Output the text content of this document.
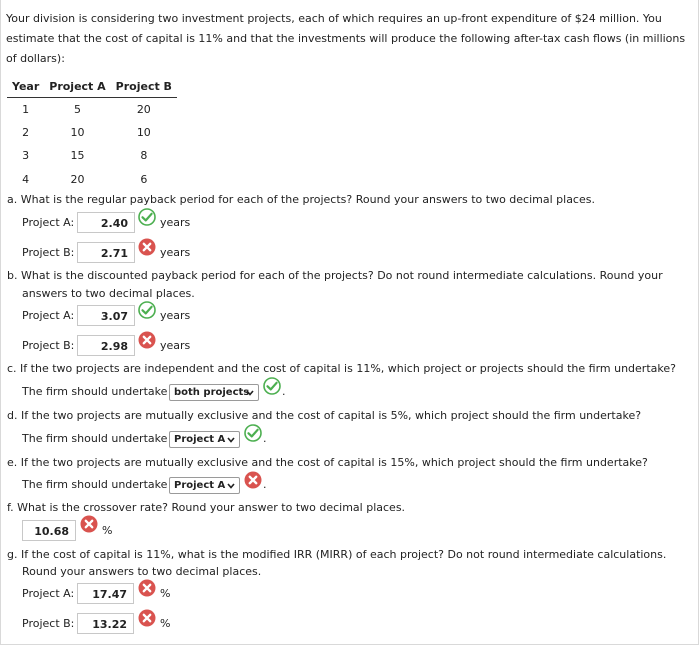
Your division is considering two investment projects, each of which requires an up-front expenditure of $24 million. You estimate that the cost of capital is 11% and that the investments will produce the following after-tax cash flows (in millions of dollars):
Year	Project A	Project B
1	5	20
2	10	10
3	15	8
4	20	6
a. What is the regular payback period for each of the projects? Round your answers to two decimal places.
Project A:	2.40	years
Project B:	2.71	years
b. What is the discounted payback period for each of the projects? Do not round intermediate calculations. Round your
answers to two decimal places.
Project A:	3.07	years
Project B:	2.98	years
c. If the two projects are independent and the cost of capital is 11%, which project or projects should the firm undertake?
The firm should undertake both projects	.
d. If the two projects are mutually exclusive and the cost of capital is 5%, which project should the firm undertake?
The firm should undertake Project A	.
e. If the two projects are mutually exclusive and the cost of capital is 15%, which project should the firm undertake?
The firm should undertake Project A	.
f. What is the crossover rate? Round your answer to two decimal places.
10.68	%
g. If the cost of capital is 11%, what is the modified IRR (MIRR) of each project? Do not round intermediate calculations.
Round your answers to two decimal places.
Project A:	17.47	%
Project B:	13.22	%
